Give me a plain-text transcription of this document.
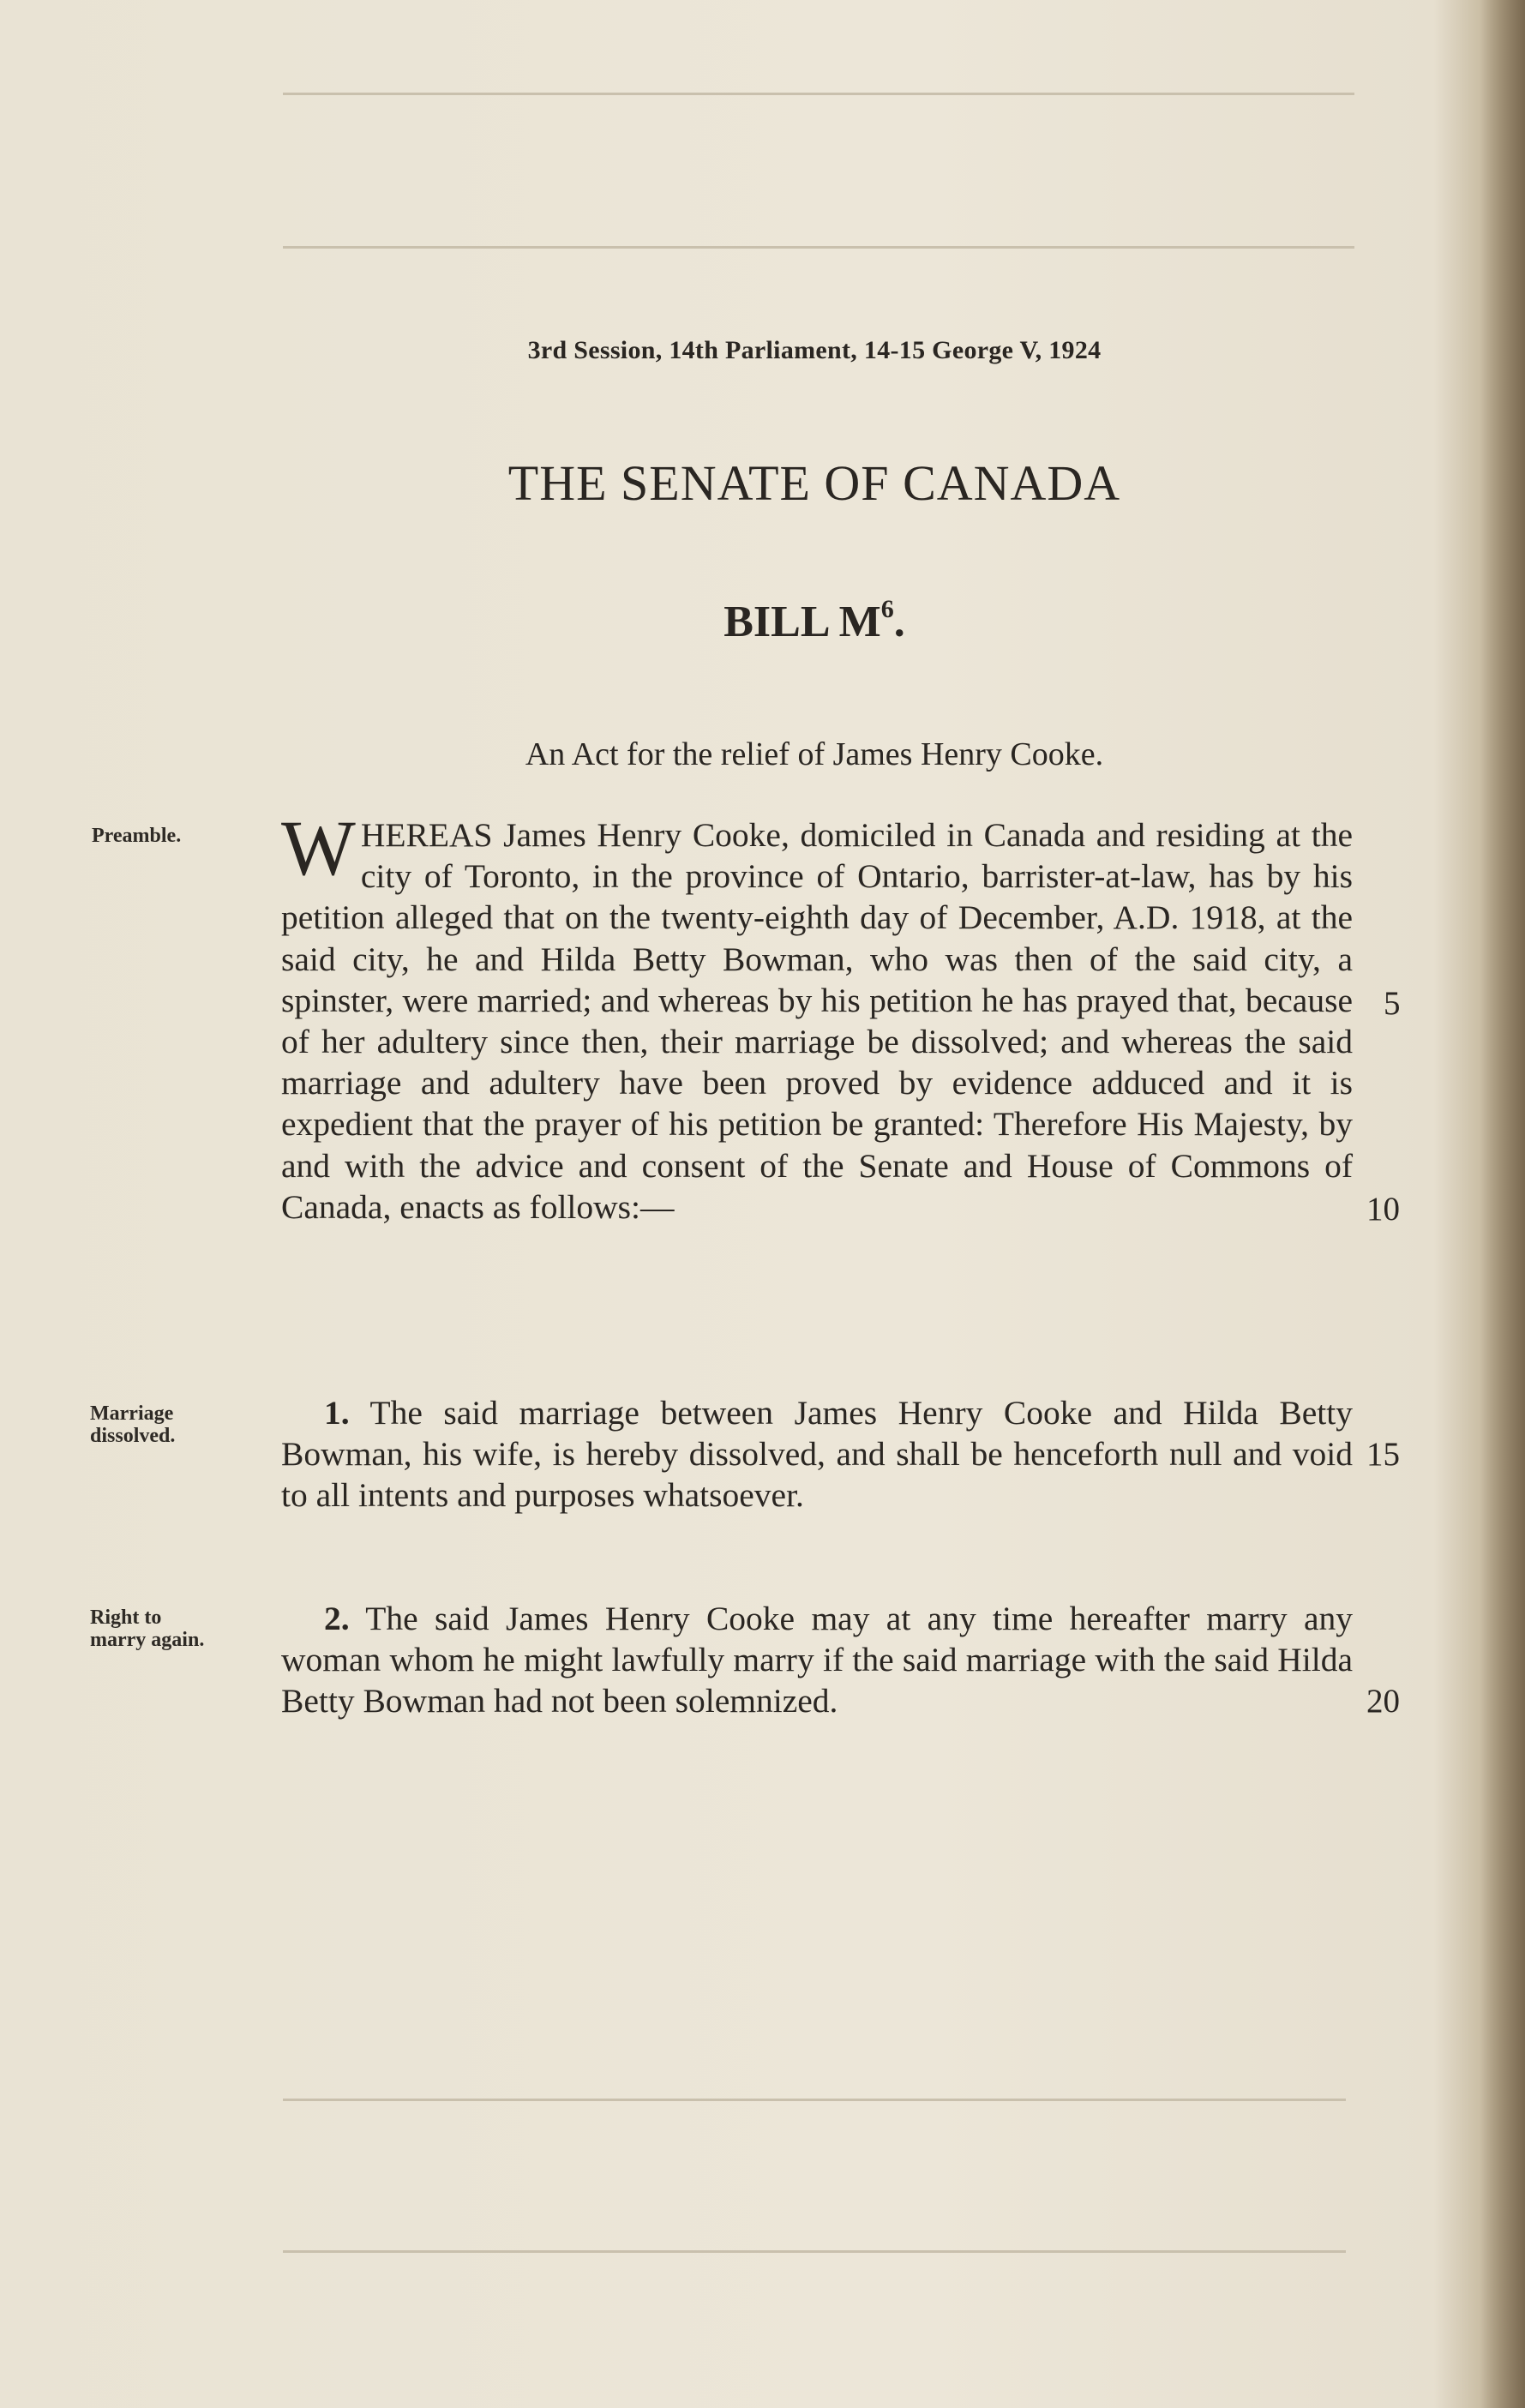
3rd Session, 14th Parliament, 14-15 George V, 1924
THE SENATE OF CANADA
BILL $M^6$.
An Act for the relief of James Henry Cooke.
Preamble. WHEREAS James Henry Cooke, domiciled in Canada and residing at the city of Toronto, in the province of Ontario, barrister-at-law, has by his petition alleged that on the twenty-eighth day of December, A.D. 1918, at the said city, he and Hilda Betty Bowman, who was then of the said city, a spinster, were married; and whereas by his petition he has prayed that, because of her adultery since then, their marriage be dissolved; and whereas the said marriage and adultery have been proved by evidence adduced and it is expedient that the prayer of his petition be granted: Therefore His Majesty, by and with the advice and consent of the Senate and House of Commons of Canada, enacts as follows:—
Marriage
dissolved.
1. The said marriage between James Henry Cooke and Hilda Betty Bowman, his wife, is hereby dissolved, and shall be henceforth null and void to all intents and purposes whatsoever.
Right to
marry again.
2. The said James Henry Cooke may at any time hereafter marry any woman whom he might lawfully marry if the said marriage with the said Hilda Betty Bowman had not been solemnized.
5
10
15
20
